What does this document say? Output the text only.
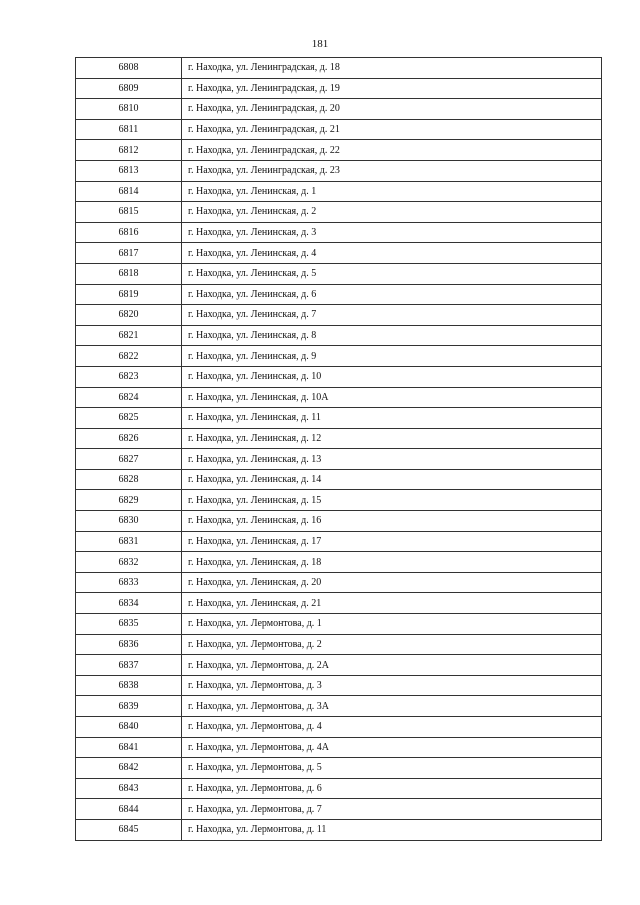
181
6808	г. Находка, ул. Ленинградская, д. 18
6809	г. Находка, ул. Ленинградская, д. 19
6810	г. Находка, ул. Ленинградская, д. 20
6811	г. Находка, ул. Ленинградская, д. 21
6812	г. Находка, ул. Ленинградская, д. 22
6813	г. Находка, ул. Ленинградская, д. 23
6814	г. Находка, ул. Ленинская, д. 1
6815	г. Находка, ул. Ленинская, д. 2
6816	г. Находка, ул. Ленинская, д. 3
6817	г. Находка, ул. Ленинская, д. 4
6818	г. Находка, ул. Ленинская, д. 5
6819	г. Находка, ул. Ленинская, д. 6
6820	г. Находка, ул. Ленинская, д. 7
6821	г. Находка, ул. Ленинская, д. 8
6822	г. Находка, ул. Ленинская, д. 9
6823	г. Находка, ул. Ленинская, д. 10
6824	г. Находка, ул. Ленинская, д. 10А
6825	г. Находка, ул. Ленинская, д. 11
6826	г. Находка, ул. Ленинская, д. 12
6827	г. Находка, ул. Ленинская, д. 13
6828	г. Находка, ул. Ленинская, д. 14
6829	г. Находка, ул. Ленинская, д. 15
6830	г. Находка, ул. Ленинская, д. 16
6831	г. Находка, ул. Ленинская, д. 17
6832	г. Находка, ул. Ленинская, д. 18
6833	г. Находка, ул. Ленинская, д. 20
6834	г. Находка, ул. Ленинская, д. 21
6835	г. Находка, ул. Лермонтова, д. 1
6836	г. Находка, ул. Лермонтова, д. 2
6837	г. Находка, ул. Лермонтова, д. 2А
6838	г. Находка, ул. Лермонтова, д. 3
6839	г. Находка, ул. Лермонтова, д. 3А
6840	г. Находка, ул. Лермонтова, д. 4
6841	г. Находка, ул. Лермонтова, д. 4А
6842	г. Находка, ул. Лермонтова, д. 5
6843	г. Находка, ул. Лермонтова, д. 6
6844	г. Находка, ул. Лермонтова, д. 7
6845	г. Находка, ул. Лермонтова, д. 11
